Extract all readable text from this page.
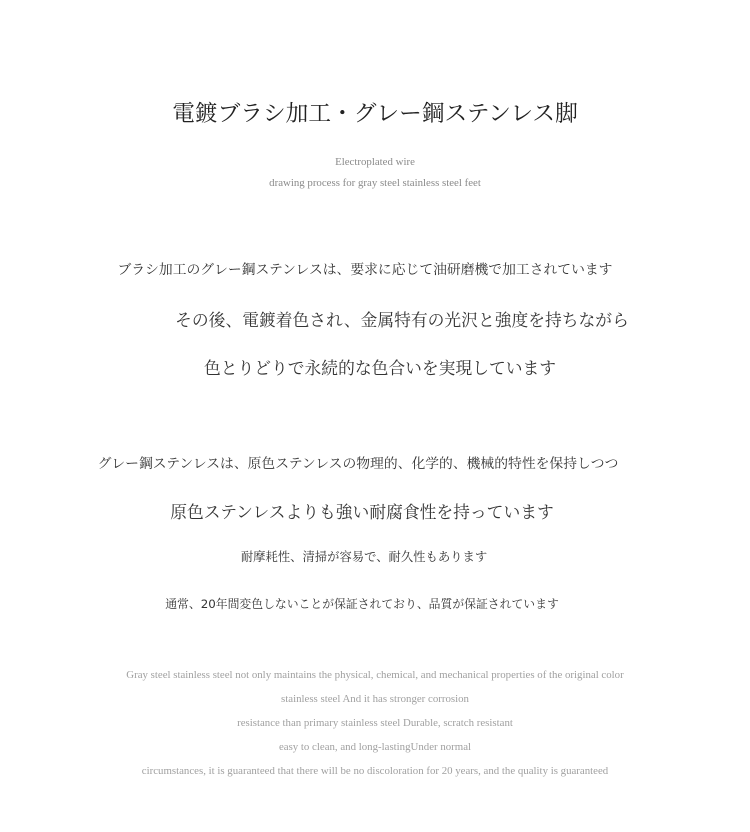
電鍍ブラシ加工・グレー鋼ステンレス脚
Electroplated wire
drawing process for gray steel stainless steel feet
ブラシ加工のグレー鋼ステンレスは、要求に応じて油研磨機で加工されています
その後、電鍍着色され、金属特有の光沢と強度を持ちながら
色とりどりで永続的な色合いを実現しています
グレー鋼ステンレスは、原色ステンレスの物理的、化学的、機械的特性を保持しつつ
原色ステンレスよりも強い耐腐食性を持っています
耐摩耗性、清掃が容易で、耐久性もあります
通常、20年間変色しないことが保証されており、品質が保証されています
Gray steel stainless steel not only maintains the physical, chemical, and mechanical properties of the original color
stainless steel And it has stronger corrosion
resistance than primary stainless steel Durable, scratch resistant
easy to clean, and long-lastingUnder normal
circumstances, it is guaranteed that there will be no discoloration for 20 years, and the quality is guaranteed
